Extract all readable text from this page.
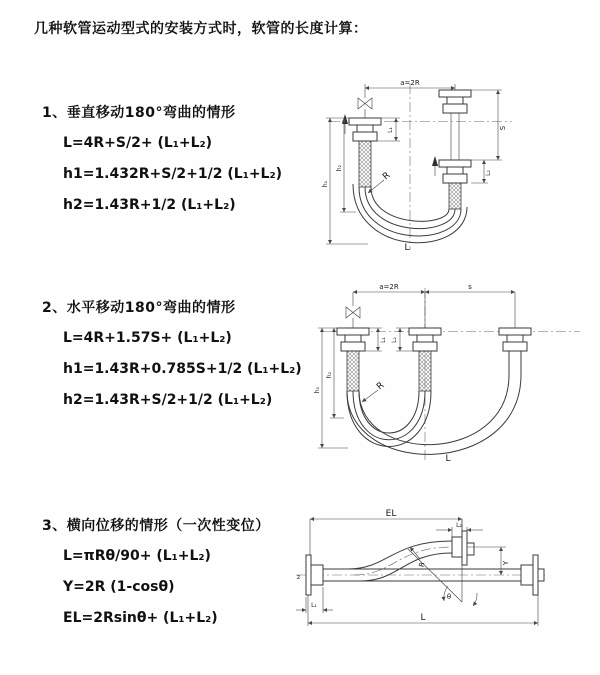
几种软管运动型式的安装方式时，软管的长度计算：
1、垂直移动180°弯曲的情形
L=4R+S/2+ (L₁+L₂)
h1=1.432R+S/2+1/2 (L₁+L₂)
h2=1.43R+1/2 (L₁+L₂)
a=2R
L₁	S
L₂
h₂
h₁
R
L
2、水平移动180°弯曲的情形
L=4R+1.57S+ (L₁+L₂)
h1=1.43R+0.785S+1/2 (L₁+L₂)
h2=1.43R+S/2+1/2 (L₁+L₂)
a=2R	s
L₁ L₂
h₂
h₁	R
L
3、横向位移的情形（一次性变位）
L=πRθ/90+ (L₁+L₂)
Y=2R (1-cosθ)
EL=2Rsinθ+ (L₁+L₂)
z
EL
L₂
θ
R	Y
L₁
L
